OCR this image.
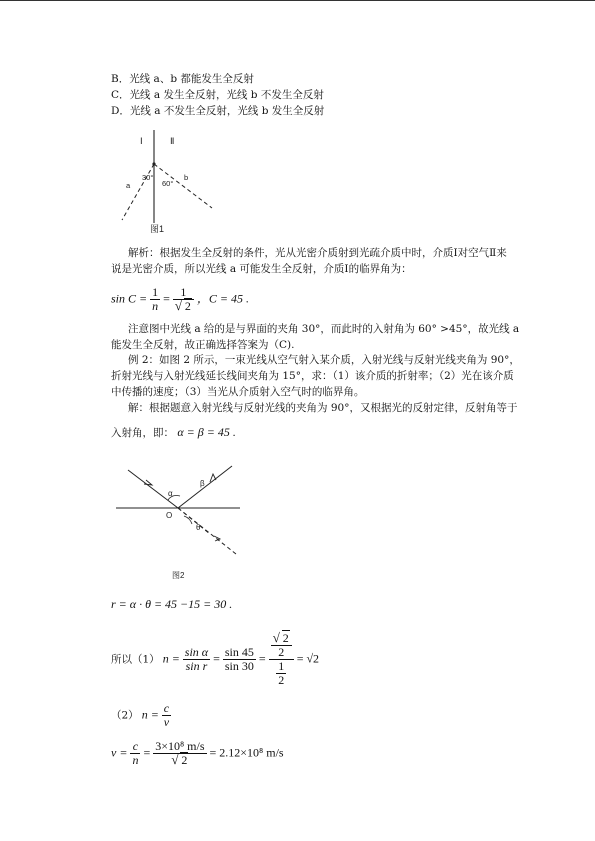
B．光线 a、b 都能发生全反射
C．光线 a 发生全反射，光线 b 不发生全反射
D．光线 a 不发生全反射，光线 b 发生全反射
Ⅰ	Ⅱ
30°
60°
a
b
图1
解析：根据发生全反射的条件，光从光密介质射到光疏介质中时，介质Ⅰ对空气Ⅱ来
说是光密介质，所以光线 a 可能发生全反射，介质Ⅰ的临界角为：
$\sin C = \frac{1}{n} = \frac{1}{√ 2}$ ，C = 45 .
注意图中光线 a 给的是与界面的夹角 30°，而此时的入射角为 60° >45°，故光线 a
能发生全反射，故正确选择答案为（C).
例 2：如图 2 所示，一束光线从空气射入某介质，入射光线与反射光线夹角为 90°，
折射光线与入射光线延长线间夹角为 15°，求：（1）该介质的折射率；（2）光在该介质
中传播的速度；（3）当光从介质射入空气时的临界角。
解：根据题意入射光线与反射光线的夹角为 90°，又根据光的反射定律，反射角等于
入射角，即： α = β = 45 .
α
β
θ
O
图2
r = α · θ = 45 −15 = 30 .
所以（1） $n = \frac{\text{sin α}}{\text{sin r}} = \frac{\sin 45}{\sin 30} = \frac{\frac{√ 2}{2}}{\frac{1}{2}} = √2$
（2） $n = \frac{c}{v}$
$v = \frac{c}{n} = \frac{\text{3×10⁸ m/s}}{√ 2} = 2.12\times 10^8$ m/s
